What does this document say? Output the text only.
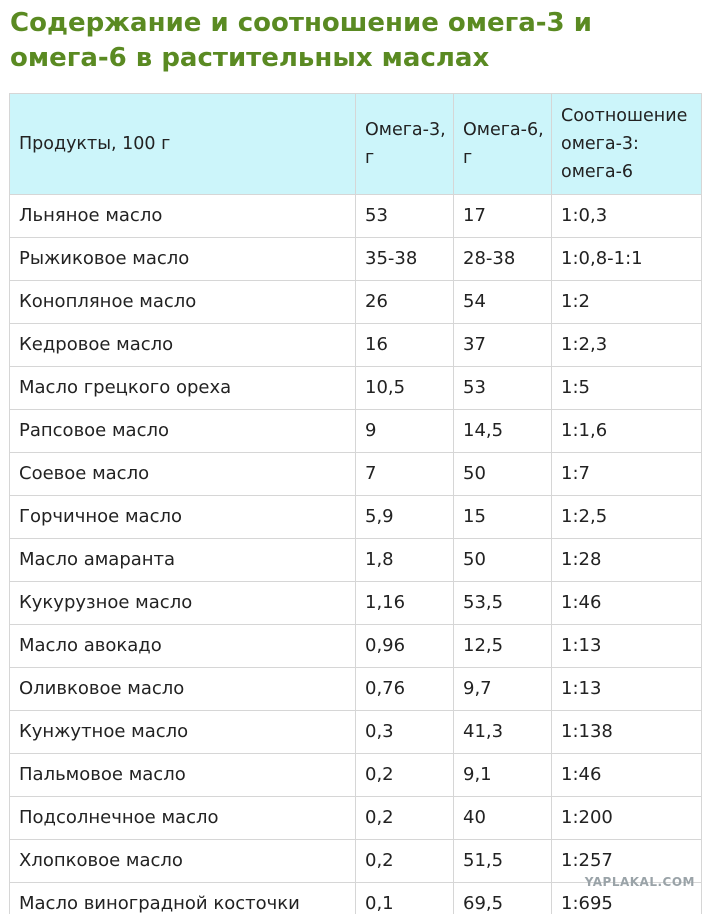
Содержание и соотношение омега-3 и омега-6 в растительных маслах
Продукты, 100 г	Омега-3, г	Омега-6, г	Соотношение омега-3: омега-6
Льняное масло	53	17	1:0,3
Рыжиковое масло	35-38	28-38	1:0,8-1:1
Конопляное масло	26	54	1:2
Кедровое масло	16	37	1:2,3
Масло грецкого ореха	10,5	53	1:5
Рапсовое масло	9	14,5	1:1,6
Соевое масло	7	50	1:7
Горчичное масло	5,9	15	1:2,5
Масло амаранта	1,8	50	1:28
Кукурузное масло	1,16	53,5	1:46
Масло авокадо	0,96	12,5	1:13
Оливковое масло	0,76	9,7	1:13
Кунжутное масло	0,3	41,3	1:138
Пальмовое масло	0,2	9,1	1:46
Подсолнечное масло	0,2	40	1:200
Хлопковое масло	0,2	51,5	1:257
Масло виноградной косточки	0,1	69,5	1:695
YAPLAKAL.COM
